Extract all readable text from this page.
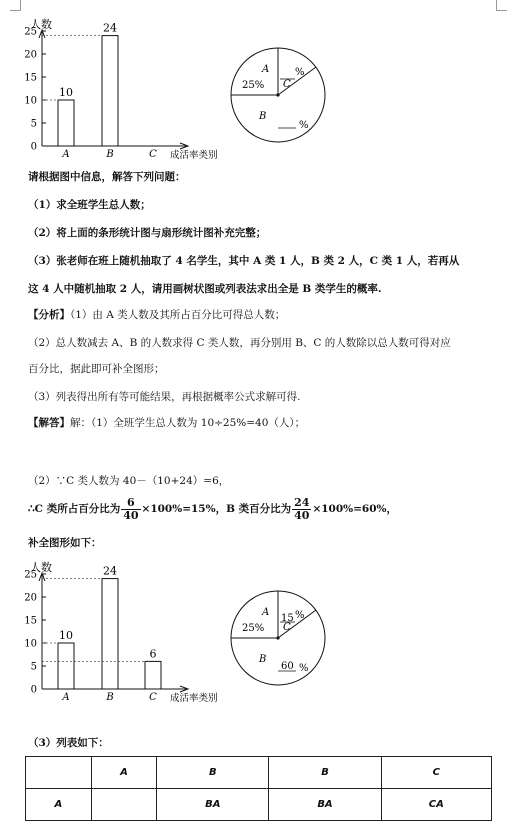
人数
成活率类别
0
5
10
15
20
25
A
10
B
24
C
A
25% C
%
B
%
人数
成活率类别
0
5
10
15
20
25
A
10
B
24
C
6
A
25% C
15 %
B
60 %
请根据图中信息，解答下列问题：
（1）求全班学生总人数；
（2）将上面的条形统计图与扇形统计图补充完整；
（3）张老师在班上随机抽取了 4 名学生，其中 A 类 1 人，B 类 2 人，C 类 1 人，若再从
这 4 人中随机抽取 2 人，请用画树状图或列表法求出全是 B 类学生的概率.
【分析】（1）由 A 类人数及其所占百分比可得总人数；
（2）总人数减去 A、B 的人数求得 C 类人数，再分别用 B、C 的人数除以总人数可得对应
百分比，据此即可补全图形；
（3）列表得出所有等可能结果，再根据概率公式求解可得.
【解答】解：（1）全班学生总人数为 10÷25%=40（人）；
（2）∵C 类人数为 40－（10+24）=6，
∴C 类所占百分比为 $\frac{6}{40} \times 100\%=15\%$，B 类百分比为 $\frac{24}{40} \times 100\%=60\%$，
补全图形如下：
（3）列表如下：
	A	B	B	C
A		BA	BA	CA
